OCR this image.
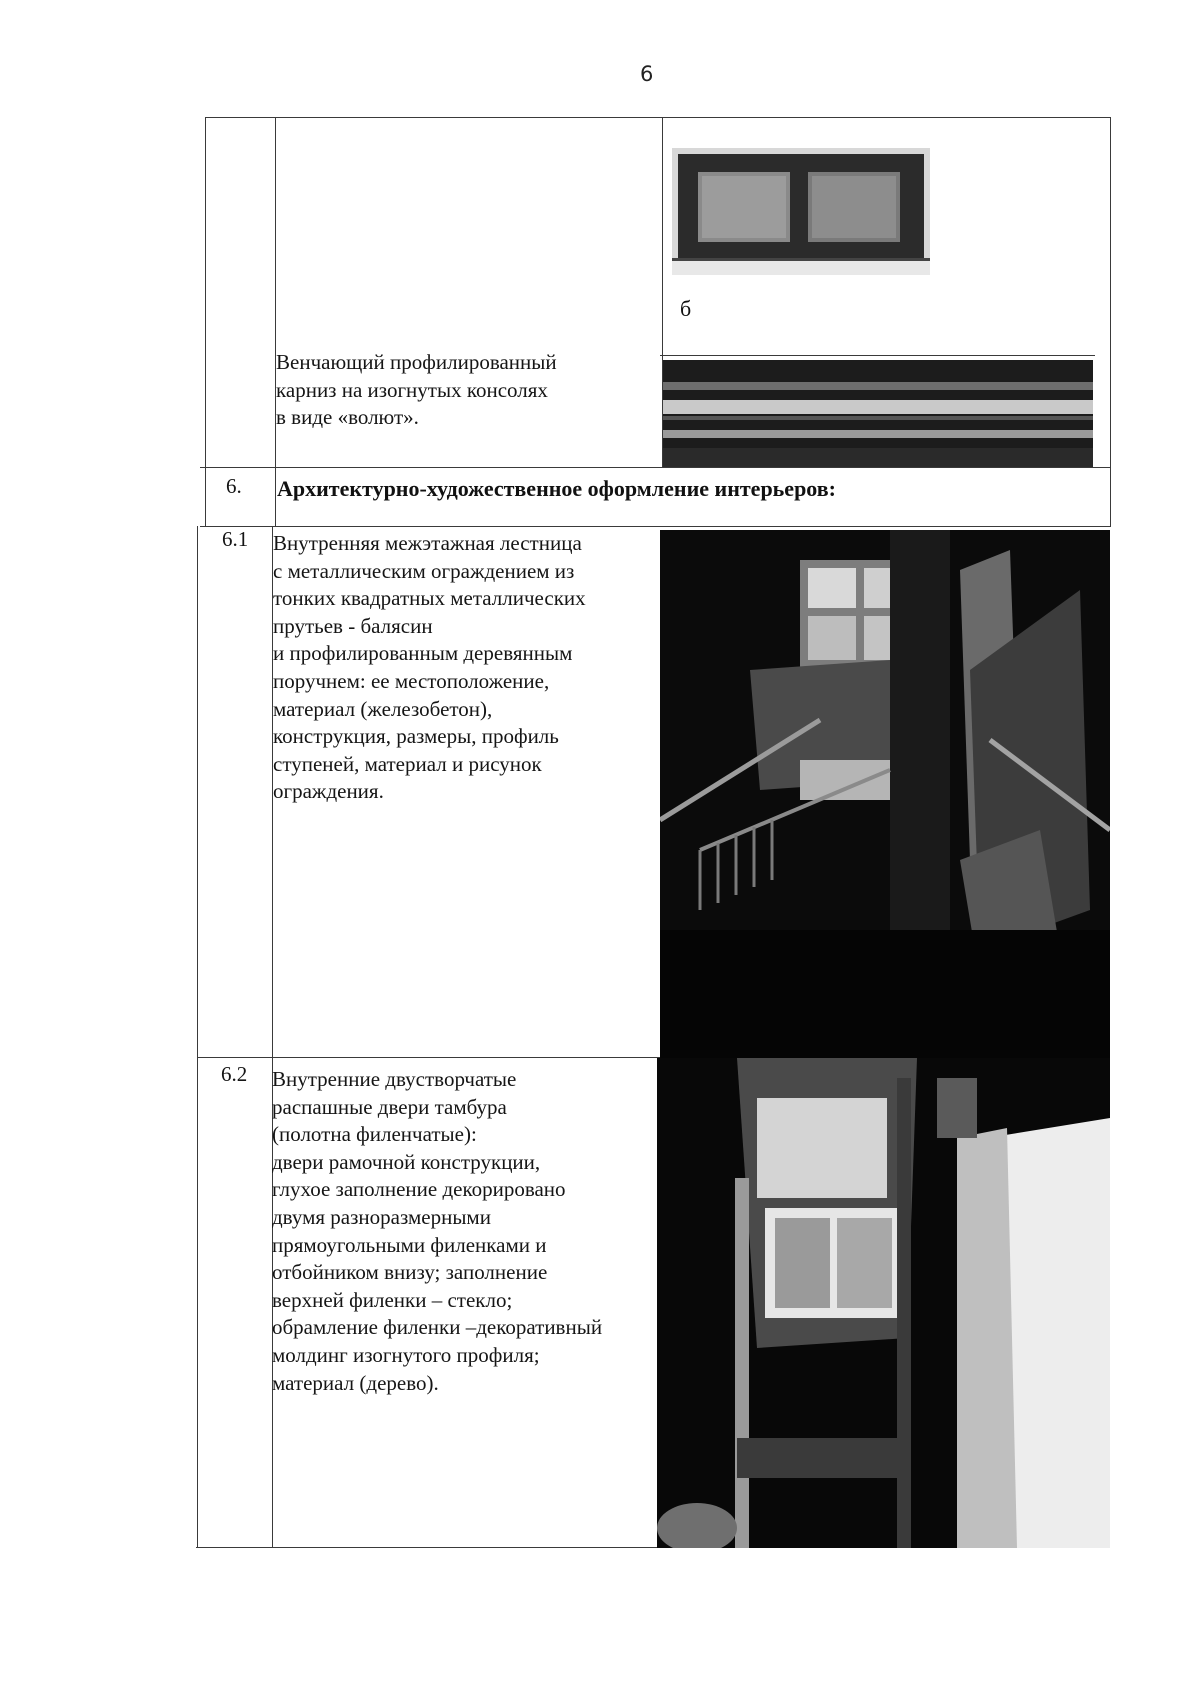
6
б
Венчающий профилированный
карниз на изогнутых консолях
в виде «волют».
6. Архитектурно-художественное оформление интерьеров:
6.1 Внутренняя межэтажная лестница
с металлическим ограждением из
тонких квадратных металлических
прутьев - балясин
и профилированным деревянным
поручнем: ее местоположение,
материал (железобетон),
конструкция, размеры, профиль
ступеней, материал и рисунок
ограждения.
6.2 Внутренние двустворчатые
распашные двери тамбура
(полотна филенчатые):
двери рамочной конструкции,
глухое заполнение декорировано
двумя разноразмерными
прямоугольными филенками и
отбойником внизу; заполнение
верхней филенки – стекло;
обрамление филенки –декоративный
молдинг изогнутого профиля;
материал (дерево).
